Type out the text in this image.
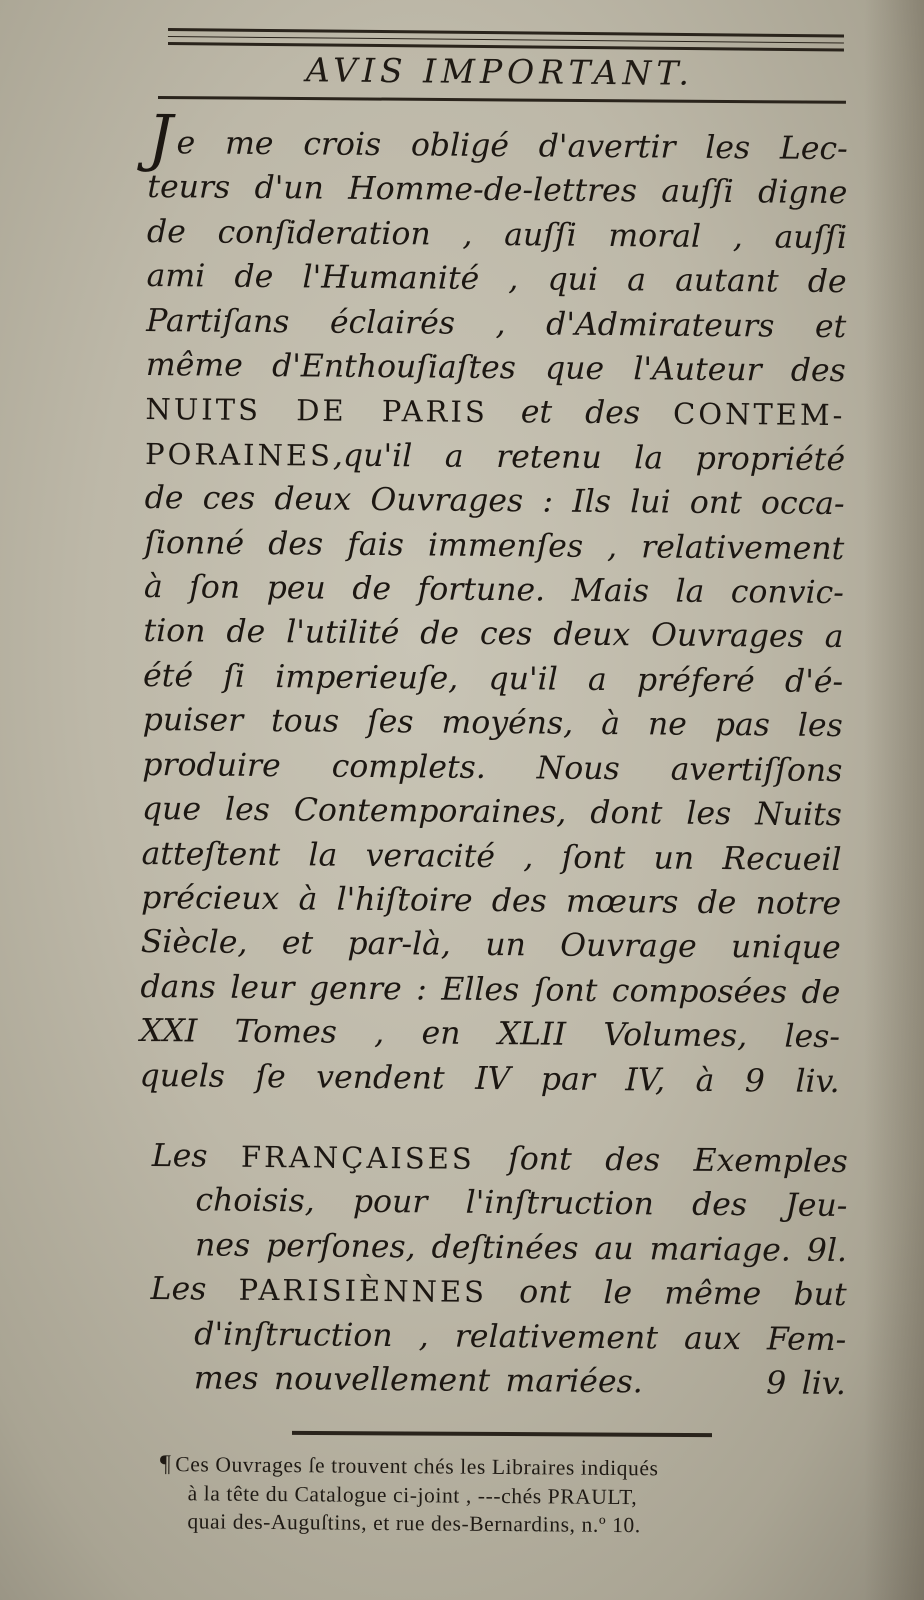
AVIS IMPORTANT.
Je me crois obligé d'avertir les Lec-
teurs d'un Homme-de-lettres auſſi digne
de conſideration , auſſi moral , auſſi
ami de l'Humanité , qui a autant de
Partiſans éclairés , d'Admirateurs et
même d'Enthouſiaſtes que l'Auteur des
NUITS DE PARIS et des CONTEM-
PORAINES,qu'il a retenu la propriété
de ces deux Ouvrages : Ils lui ont occa-
ſionné des fais immenſes , relativement
à ſon peu de fortune. Mais la convic-
tion de l'utilité de ces deux Ouvrages a
été ſi imperieuſe, qu'il a préferé d'é-
puiser tous ſes moyéns, à ne pas les
produire complets. Nous avertiſſons
que les Contemporaines, dont les Nuits
atteſtent la veracité , ſont un Recueil
précieux à l'hiſtoire des mœurs de notre
Siècle, et par-là, un Ouvrage unique
dans leur genre : Elles ſont composées de
XXI Tomes , en XLII Volumes, les-
quels ſe vendent IV par IV, à 9 liv.
Les FRANÇAISES ſont des Exemples
choisis, pour l'inſtruction des Jeu-
nes perſones, deſtinées au mariage. 9l.
Les PARISIÈNNES ont le même but
d'inſtruction , relativement aux Fem-
mes nouvellement mariées.        9 liv.
¶ Ces Ouvrages ſe trouvent chés les Libraires indiqués
à la tête du Catalogue ci-joint , ---chés PRAULT,
quai des-Auguſtins, et rue des-Bernardins, n.º 10.
